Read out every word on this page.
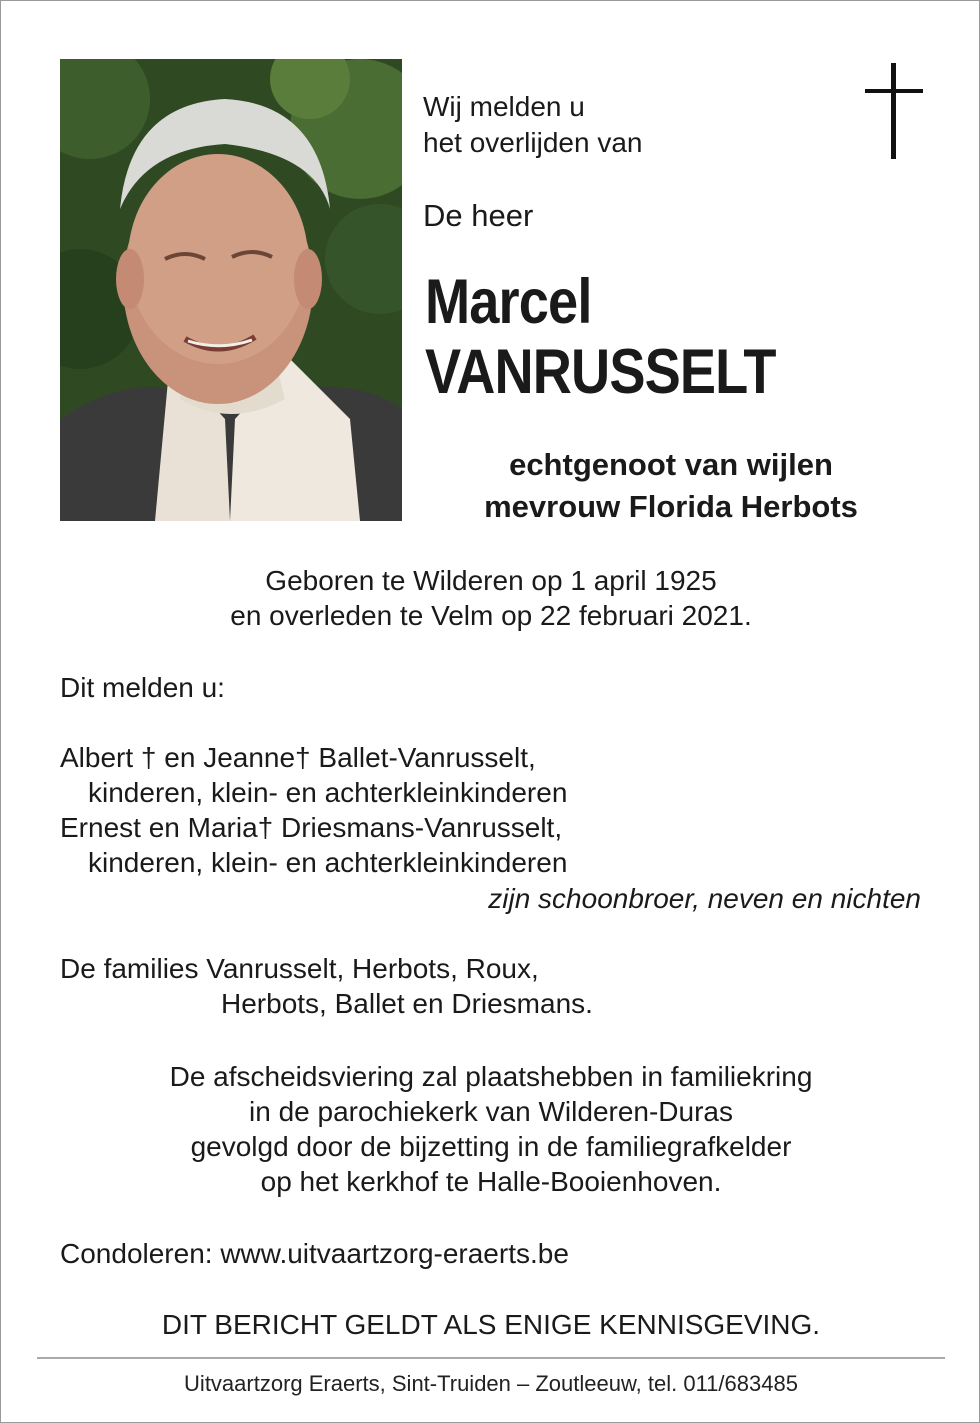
Wij melden u
het overlijden van
De heer
Marcel
VANRUSSELT
echtgenoot van wijlen
mevrouw Florida Herbots
Geboren te Wilderen op 1 april 1925
en overleden te Velm op 22 februari 2021.
Dit melden u:
Albert † en Jeanne† Ballet-Vanrusselt,
kinderen, klein- en achterkleinkinderen
Ernest en Maria† Driesmans-Vanrusselt,
kinderen, klein- en achterkleinkinderen
zijn schoonbroer, neven en nichten
De families Vanrusselt, Herbots, Roux,
Herbots, Ballet en Driesmans.
De afscheidsviering zal plaatshebben in familiekring
in de parochiekerk van Wilderen-Duras
gevolgd door de bijzetting in de familiegrafkelder
op het kerkhof te Halle-Booienhoven.
Condoleren: www.uitvaartzorg-eraerts.be
DIT BERICHT GELDT ALS ENIGE KENNISGEVING.
Uitvaartzorg Eraerts, Sint-Truiden – Zoutleeuw, tel. 011/683485
